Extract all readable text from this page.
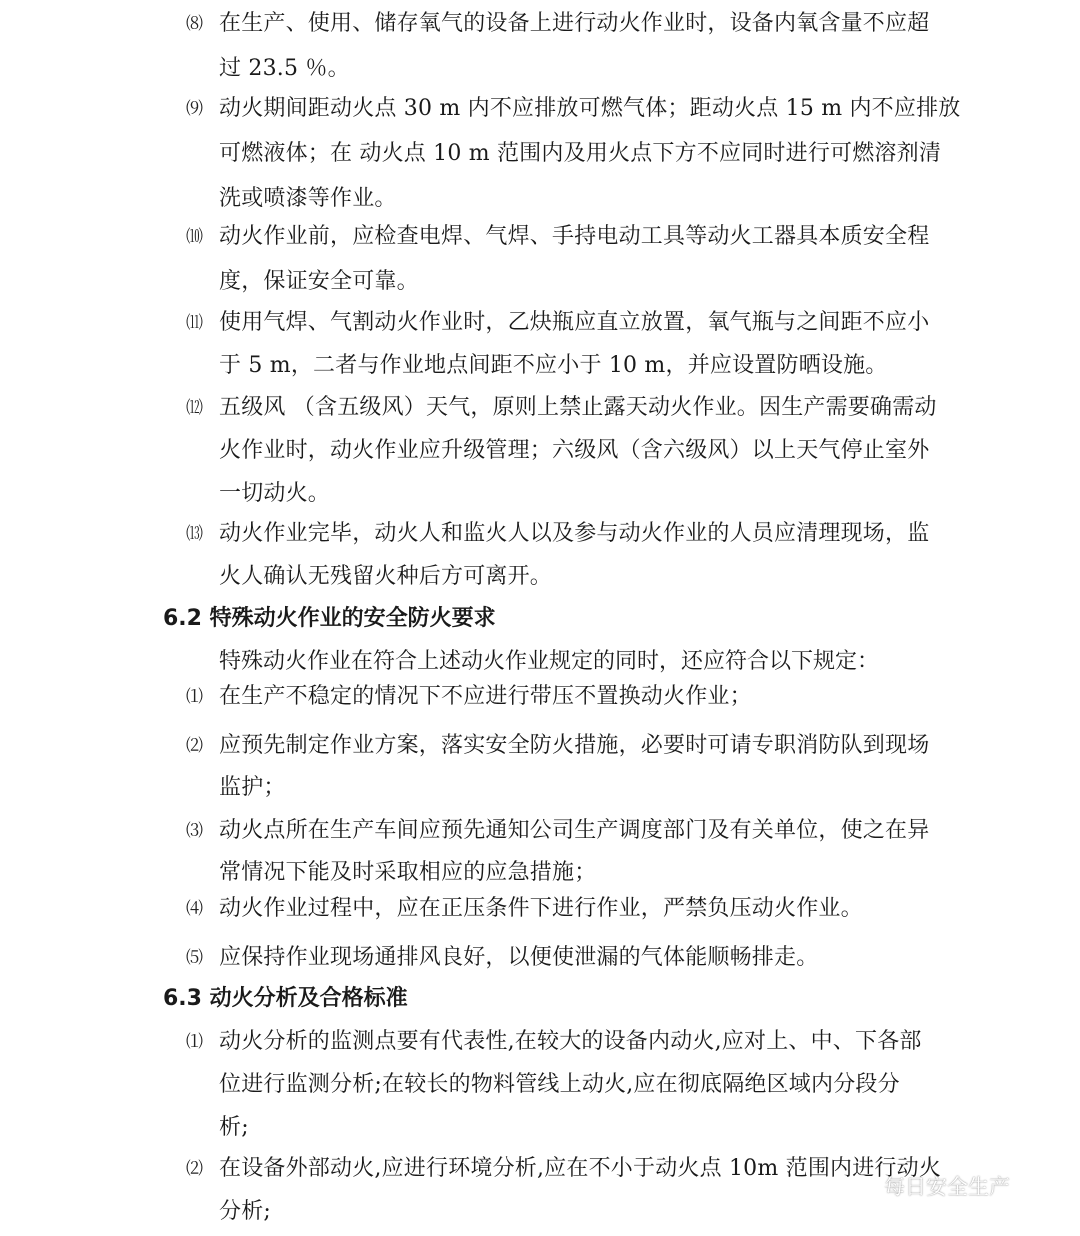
⑻ 在生产、使用、储存氧气的设备上进行动火作业时，设备内氧含量不应超
过 23.5 ％。
⑼ 动火期间距动火点 30 m 内不应排放可燃气体；距动火点 15 m 内不应排放
可燃液体；在 动火点 10 m 范围内及用火点下方不应同时进行可燃溶剂清
洗或喷漆等作业。
⑽ 动火作业前，应检查电焊、气焊、手持电动工具等动火工器具本质安全程
度，保证安全可靠。
⑾ 使用气焊、气割动火作业时，乙炔瓶应直立放置，氧气瓶与之间距不应小
于 5 m，二者与作业地点间距不应小于 10 m，并应设置防晒设施。
⑿ 五级风 （含五级风）天气，原则上禁止露天动火作业。因生产需要确需动
火作业时，动火作业应升级管理；六级风（含六级风）以上天气停止室外
一切动火。
⒀ 动火作业完毕，动火人和监火人以及参与动火作业的人员应清理现场，监
火人确认无残留火种后方可离开。
6.2 特殊动火作业的安全防火要求
特殊动火作业在符合上述动火作业规定的同时，还应符合以下规定：
⑴ 在生产不稳定的情况下不应进行带压不置换动火作业；
⑵ 应预先制定作业方案，落实安全防火措施，必要时可请专职消防队到现场
监护；
⑶ 动火点所在生产车间应预先通知公司生产调度部门及有关单位，使之在异
常情况下能及时采取相应的应急措施；
⑷ 动火作业过程中，应在正压条件下进行作业，严禁负压动火作业。
⑸ 应保持作业现场通排风良好，以便使泄漏的气体能顺畅排走。
6.3 动火分析及合格标准
⑴ 动火分析的监测点要有代表性,在较大的设备内动火,应对上、中、下各部
位进行监测分析;在较长的物料管线上动火,应在彻底隔绝区域内分段分
析;
⑵ 在设备外部动火,应进行环境分析,应在不小于动火点 10m 范围内进行动火
分析;
每日安全生产
